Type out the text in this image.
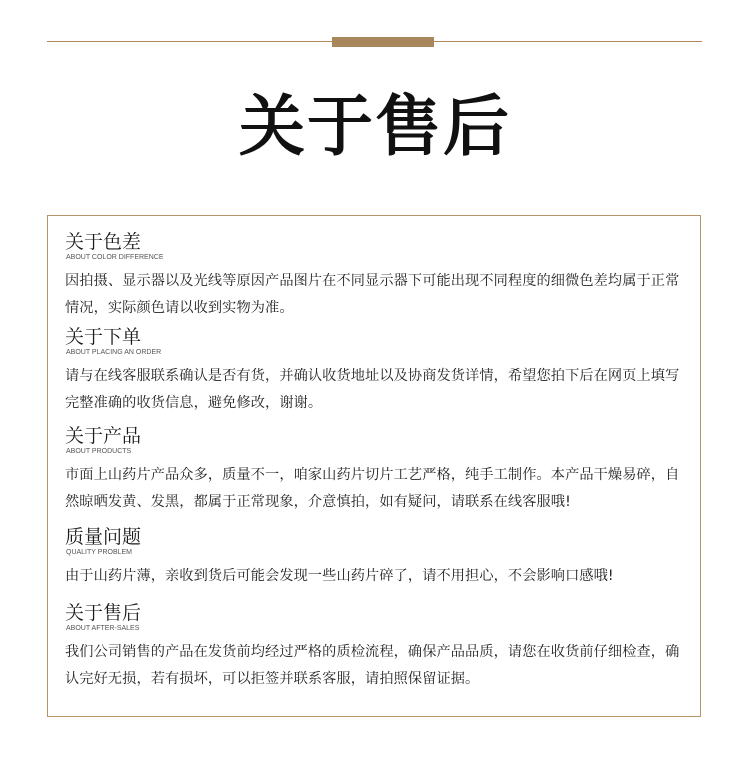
关于售后
关于色差
ABOUT COLOR DIFFERENCE
因拍摄、显示器以及光线等原因产品图片在不同显示器下可能出现不同程度的细微色差均属于正常情况，实际颜色请以收到实物为准。
关于下单
ABOUT PLACING AN ORDER
请与在线客服联系确认是否有货，并确认收货地址以及协商发货详情，希望您拍下后在网页上填写完整准确的收货信息，避免修改，谢谢。
关于产品
ABOUT PRODUCTS
市面上山药片产品众多，质量不一，咱家山药片切片工艺严格，纯手工制作。本产品干燥易碎，自然晾晒发黄、发黑，都属于正常现象，介意慎拍，如有疑问，请联系在线客服哦!
质量问题
QUALITY PROBLEM
由于山药片薄，亲收到货后可能会发现一些山药片碎了，请不用担心，不会影响口感哦!
关于售后
ABOUT AFTER-SALES
我们公司销售的产品在发货前均经过严格的质检流程，确保产品品质，请您在收货前仔细检查，确认完好无损，若有损坏，可以拒签并联系客服，请拍照保留证据。
